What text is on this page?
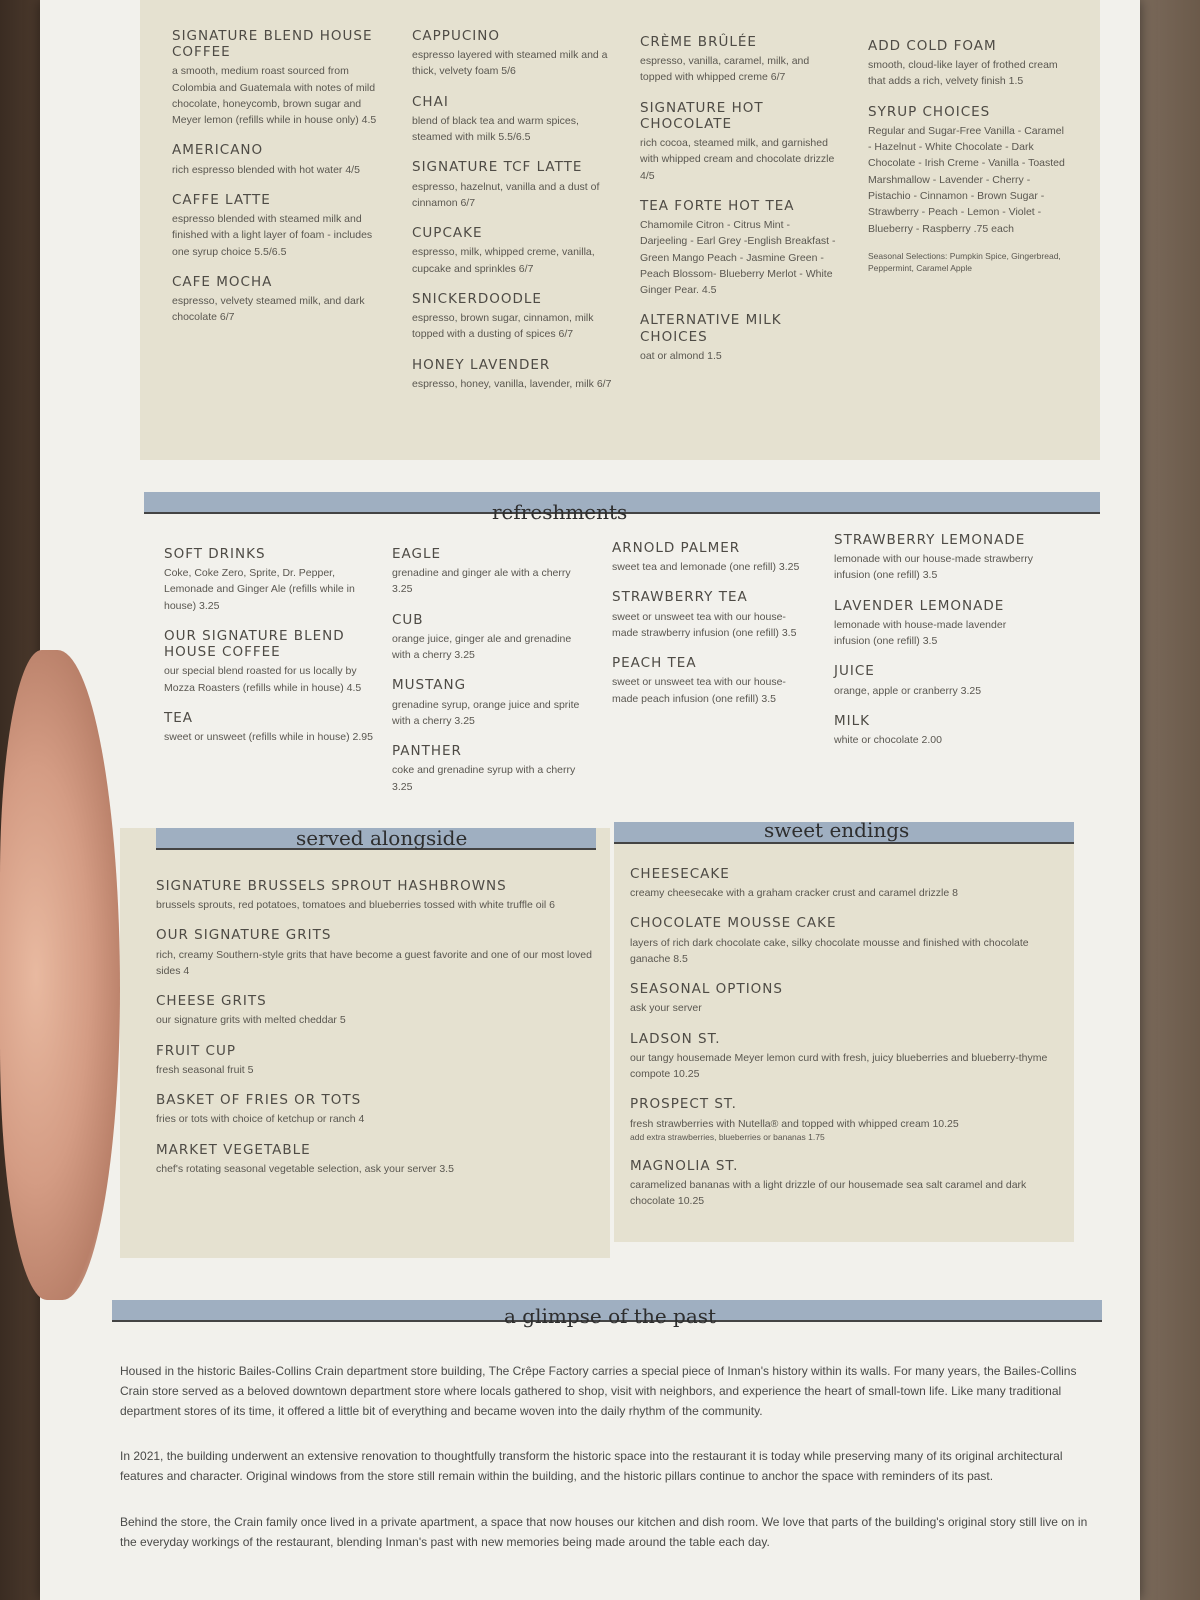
SIGNATURE BLEND HOUSE COFFEE
a smooth, medium roast sourced from Colombia and Guatemala with notes of mild chocolate, honeycomb, brown sugar and Meyer lemon (refills while in house only) 4.5
AMERICANO
rich espresso blended with hot water 4/5
CAFFE LATTE
espresso blended with steamed milk and finished with a light layer of foam - includes one syrup choice 5.5/6.5
CAFE MOCHA
espresso, velvety steamed milk, and dark chocolate 6/7
CAPPUCINO
espresso layered with steamed milk and a thick, velvety foam 5/6
CHAI
blend of black tea and warm spices, steamed with milk 5.5/6.5
SIGNATURE TCF LATTE
espresso, hazelnut, vanilla and a dust of cinnamon 6/7
CUPCAKE
espresso, milk, whipped creme, vanilla, cupcake and sprinkles 6/7
SNICKERDOODLE
espresso, brown sugar, cinnamon, milk topped with a dusting of spices 6/7
HONEY LAVENDER
espresso, honey, vanilla, lavender, milk 6/7
CRÈME BRÛLÉE
espresso, vanilla, caramel, milk, and topped with whipped creme 6/7
SIGNATURE HOT CHOCOLATE
rich cocoa, steamed milk, and garnished with whipped cream and chocolate drizzle 4/5
TEA FORTE HOT TEA
Chamomile Citron - Citrus Mint - Darjeeling - Earl Grey -English Breakfast - Green Mango Peach - Jasmine Green - Peach Blossom- Blueberry Merlot - White Ginger Pear. 4.5
ALTERNATIVE MILK CHOICES
oat or almond 1.5
ADD COLD FOAM
smooth, cloud-like layer of frothed cream that adds a rich, velvety finish 1.5
SYRUP CHOICES
Regular and Sugar-Free Vanilla - Caramel - Hazelnut - White Chocolate - Dark Chocolate - Irish Creme - Vanilla - Toasted Marshmallow - Lavender - Cherry - Pistachio - Cinnamon - Brown Sugar - Strawberry - Peach - Lemon - Violet - Blueberry - Raspberry .75 each
Seasonal Selections: Pumpkin Spice, Gingerbread, Peppermint, Caramel Apple
refreshments
SOFT DRINKS
Coke, Coke Zero, Sprite, Dr. Pepper, Lemonade and Ginger Ale (refills while in house) 3.25
OUR SIGNATURE BLEND HOUSE COFFEE
our special blend roasted for us locally by Mozza Roasters (refills while in house) 4.5
TEA
sweet or unsweet (refills while in house) 2.95
EAGLE
grenadine and ginger ale with a cherry 3.25
CUB
orange juice, ginger ale and grenadine with a cherry 3.25
MUSTANG
grenadine syrup, orange juice and sprite with a cherry 3.25
PANTHER
coke and grenadine syrup with a cherry 3.25
ARNOLD PALMER
sweet tea and lemonade (one refill) 3.25
STRAWBERRY TEA
sweet or unsweet tea with our house-made strawberry infusion (one refill) 3.5
PEACH TEA
sweet or unsweet tea with our house-made peach infusion (one refill) 3.5
STRAWBERRY LEMONADE
lemonade with our house-made strawberry infusion (one refill) 3.5
LAVENDER LEMONADE
lemonade with house-made lavender infusion (one refill) 3.5
JUICE
orange, apple or cranberry 3.25
MILK
white or chocolate 2.00
served alongside
SIGNATURE BRUSSELS SPROUT HASHBROWNS
brussels sprouts, red potatoes, tomatoes and blueberries tossed with white truffle oil 6
OUR SIGNATURE GRITS
rich, creamy Southern-style grits that have become a guest favorite and one of our most loved sides 4
CHEESE GRITS
our signature grits with melted cheddar 5
FRUIT CUP
fresh seasonal fruit 5
BASKET OF FRIES OR TOTS
fries or tots with choice of ketchup or ranch 4
MARKET VEGETABLE
chef's rotating seasonal vegetable selection, ask your server 3.5
sweet endings
CHEESECAKE
creamy cheesecake with a graham cracker crust and caramel drizzle 8
CHOCOLATE MOUSSE CAKE
layers of rich dark chocolate cake, silky chocolate mousse and finished with chocolate ganache 8.5
SEASONAL OPTIONS
ask your server
LADSON ST.
our tangy housemade Meyer lemon curd with fresh, juicy blueberries and blueberry-thyme compote 10.25
PROSPECT ST.
fresh strawberries with Nutella® and topped with whipped cream 10.25
add extra strawberries, blueberries or bananas 1.75
MAGNOLIA ST.
caramelized bananas with a light drizzle of our housemade sea salt caramel and dark chocolate 10.25
a glimpse of the past

Housed in the historic Bailes-Collins Crain department store building, The Crêpe Factory carries a special piece of Inman's history within its walls. For many years, the Bailes-Collins Crain store served as a beloved downtown department store where locals gathered to shop, visit with neighbors, and experience the heart of small-town life. Like many traditional department stores of its time, it offered a little bit of everything and became woven into the daily rhythm of the community.

In 2021, the building underwent an extensive renovation to thoughtfully transform the historic space into the restaurant it is today while preserving many of its original architectural features and character. Original windows from the store still remain within the building, and the historic pillars continue to anchor the space with reminders of its past.

Behind the store, the Crain family once lived in a private apartment, a space that now houses our kitchen and dish room. We love that parts of the building's original story still live on in the everyday workings of the restaurant, blending Inman's past with new memories being made around the table each day.
